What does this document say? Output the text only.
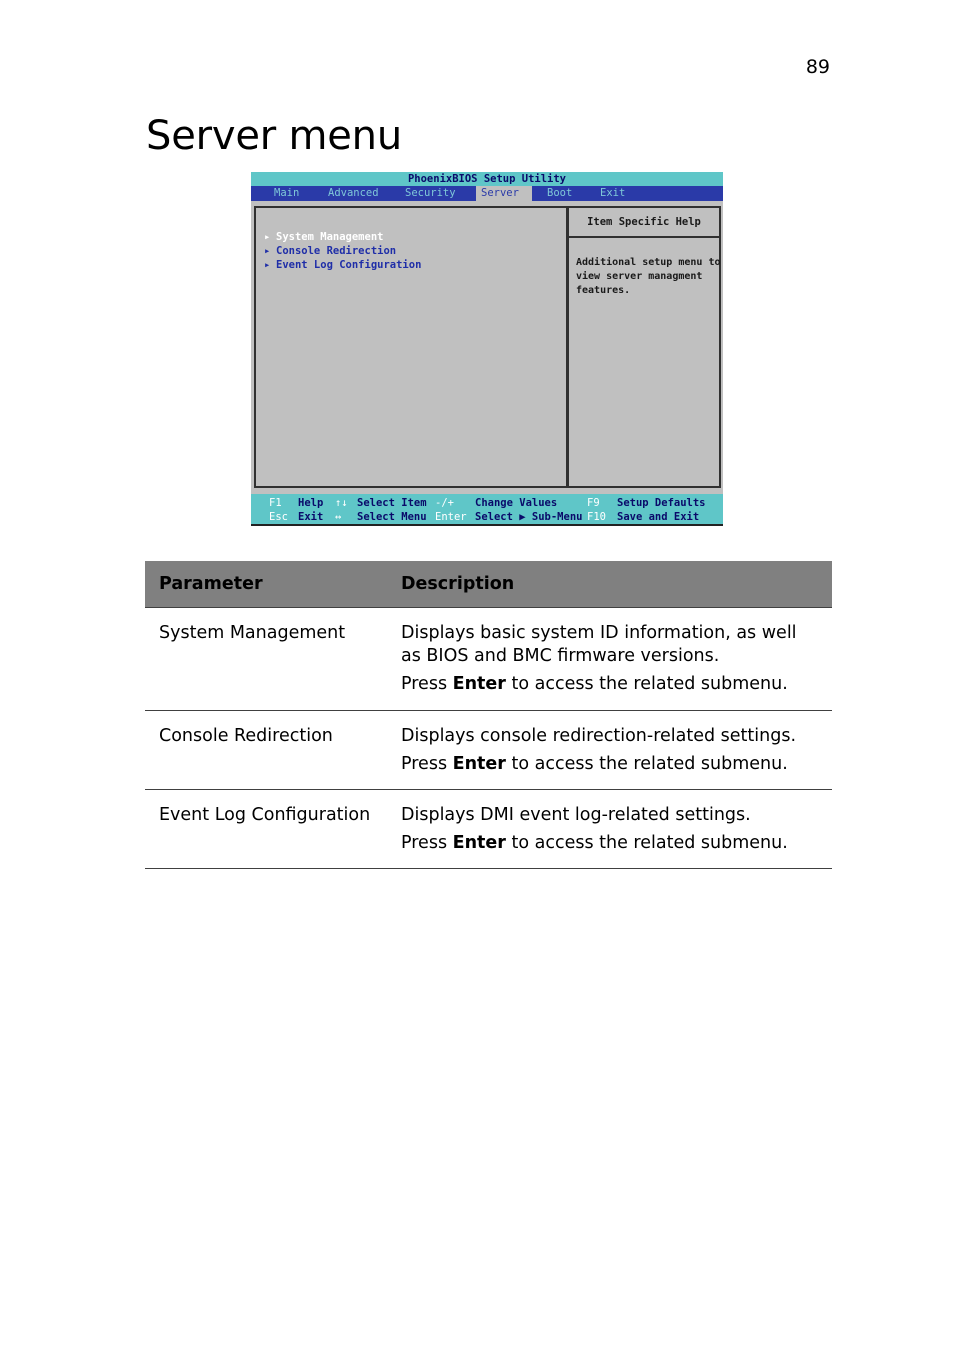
89
Server menu
PhoenixBIOS Setup Utility
Main	Advanced	Security	Server	Boot	Exit
▸ System Management
▸ Console Redirection
▸ Event Log Configuration
Item Specific Help
Additional setup menu to
view server managment
features.
F1 Help ↑↓ Select Item -/+ Change Values	F9 Setup Defaults
Esc Exit ↔ Select Menu Enter Select ▶ Sub-Menu F10 Save and Exit
Parameter	Description
System Management	Displays basic system ID information, as well as BIOS and BMC firmware versions.

Press Enter to access the related submenu.

Console Redirection	Displays console redirection-related settings.

Press Enter to access the related submenu.

Event Log Configuration	Displays DMI event log-related settings.

Press Enter to access the related submenu.
